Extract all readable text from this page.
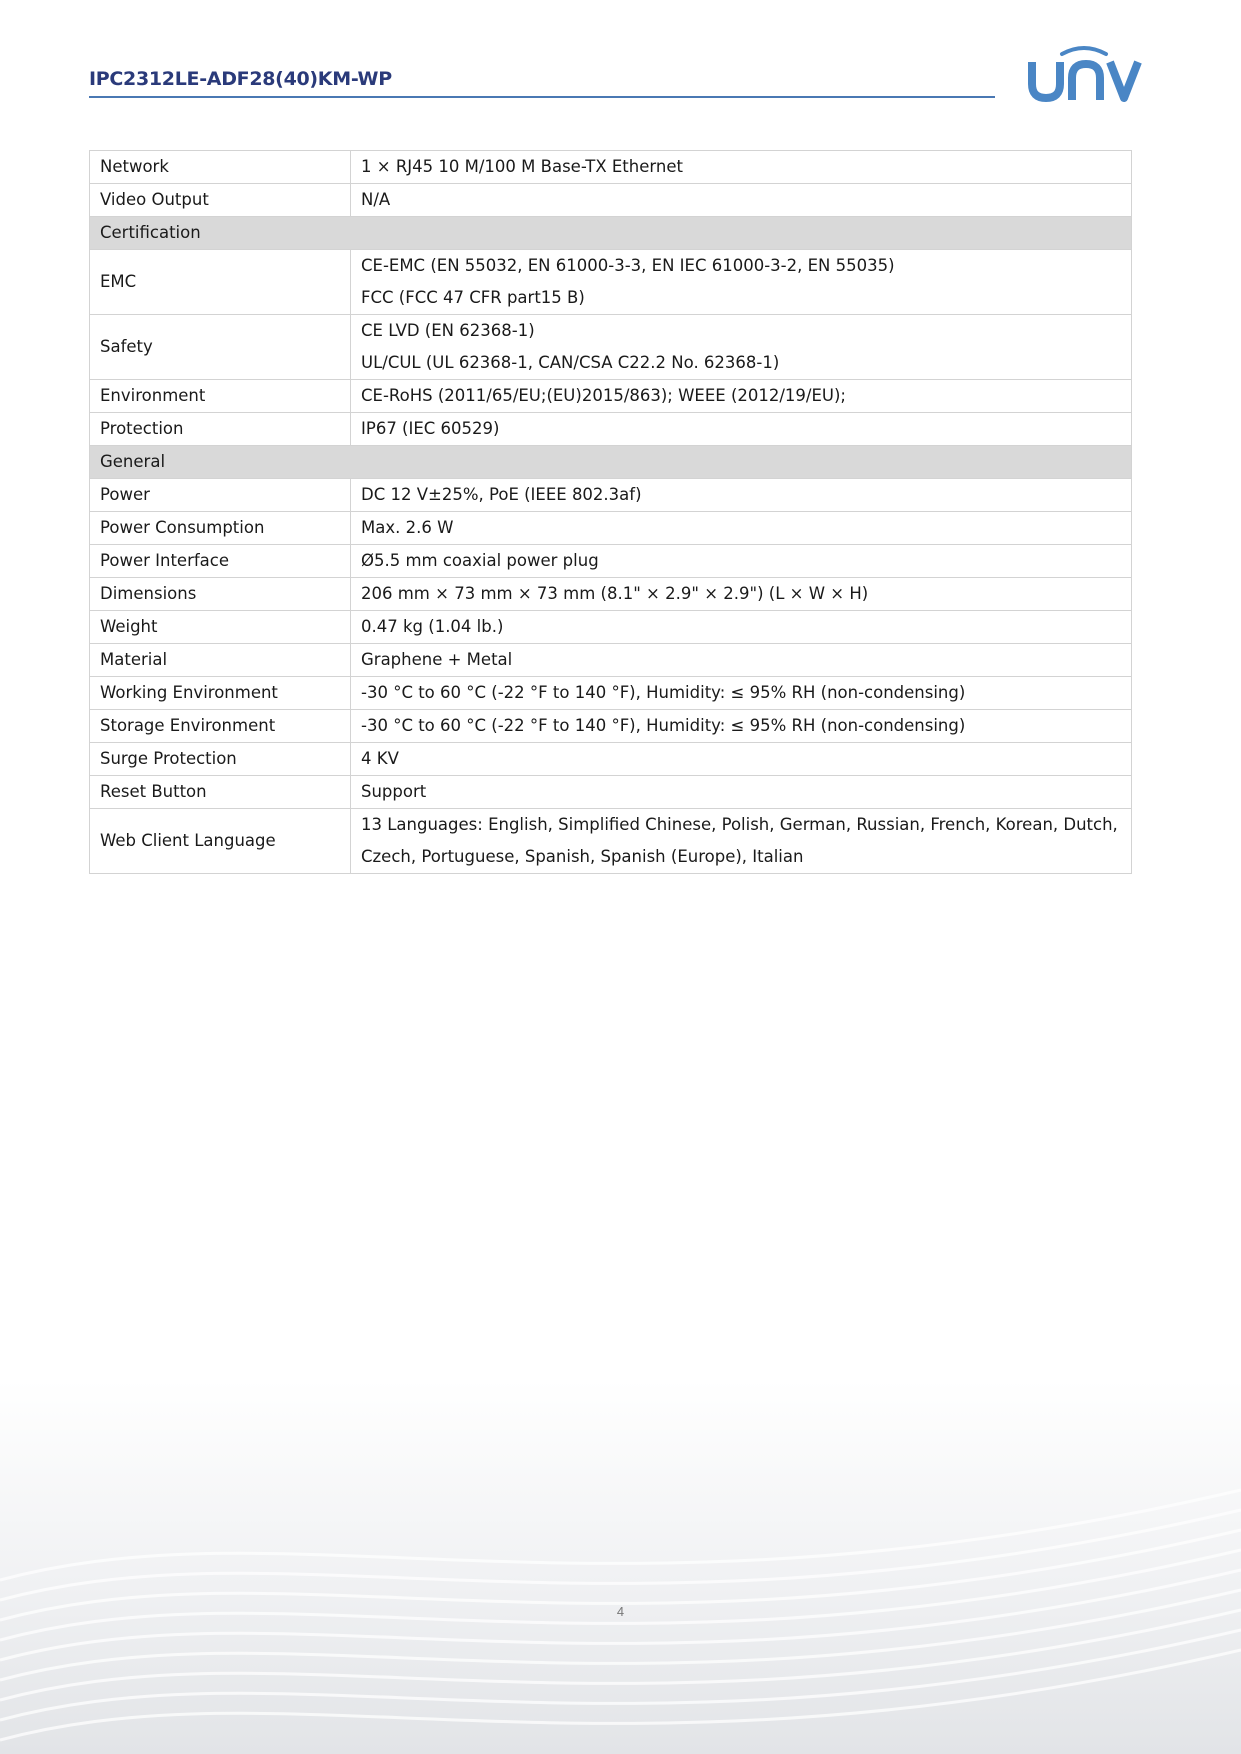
IPC2312LE-ADF28(40)KM-WP
Network	1 × RJ45 10 M/100 M Base-TX Ethernet
Video Output	N/A
Certification	
EMC	CE-EMC (EN 55032, EN 61000-3-3, EN IEC 61000-3-2, EN 55035)
FCC (FCC 47 CFR part15 B)

Safety	CE LVD (EN 62368-1)
UL/CUL (UL 62368-1, CAN/CSA C22.2 No. 62368-1)

Environment	CE-RoHS (2011/65/EU;(EU)2015/863); WEEE (2012/19/EU);
Protection	IP67 (IEC 60529)
General	
Power	DC 12 V±25%, PoE (IEEE 802.3af)
Power Consumption	Max. 2.6 W
Power Interface	Ø5.5 mm coaxial power plug
Dimensions	206 mm × 73 mm × 73 mm (8.1" × 2.9" × 2.9") (L × W × H)
Weight	0.47 kg (1.04 lb.)
Material	Graphene + Metal
Working Environment	-30 °C to 60 °C (-22 °F to 140 °F), Humidity: ≤ 95% RH (non-condensing)
Storage Environment	-30 °C to 60 °C (-22 °F to 140 °F), Humidity: ≤ 95% RH (non-condensing)
Surge Protection	4 KV
Reset Button	Support
Web Client Language	13 Languages: English, Simplified Chinese, Polish, German, Russian, French, Korean, Dutch,
Czech, Portuguese, Spanish, Spanish (Europe), Italian
4
